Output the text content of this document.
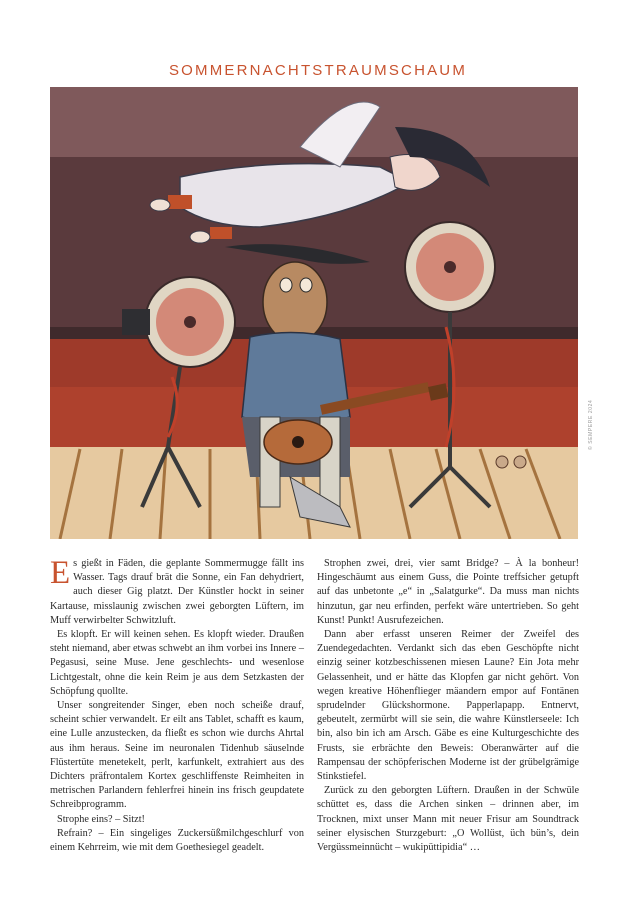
SOMMERNACHTSTRAUMSCHAUM
© SEMPERE 2024

Es gießt in Fäden, die geplante Sommermugge fällt ins Wasser. Tags drauf brät die Sonne, ein Fan dehydriert, auch dieser Gig platzt. Der Künstler hockt in seiner Kartause, misslaunig zwischen zwei geborgten Lüftern, im Muff verwirbelter Schwitzluft.

Es klopft. Er will keinen sehen. Es klopft wieder. Draußen steht niemand, aber etwas schwebt an ihm vorbei ins Innere – Pegasusi, seine Muse. Jene geschlechts- und wesenlose Lichtgestalt, ohne die kein Reim je aus dem Setzkasten der Schöpfung quollte.

Unser songreitender Singer, eben noch scheiße drauf, scheint schier verwandelt. Er eilt ans Tablet, schafft es kaum, eine Lulle anzustecken, da fließt es schon wie durchs Ahrtal aus ihm heraus. Seine im neuronalen Tidenhub säuselnde Flüstertüte menetekelt, perlt, karfunkelt, extrahiert aus des Dichters präfrontalem Kortex geschliffenste Reimheiten in metrischen Parlandern fehlerfrei hinein ins frisch geupdatete Schreibprogramm.

Strophe eins? – Sitzt!

Refrain? – Ein singeliges Zuckersüßmilchgeschlurf von einem Kehrreim, wie mit dem Goethesiegel geadelt.

Strophen zwei, drei, vier samt Bridge? – À la bonheur! Hingeschäumt aus einem Guss, die Pointe treffsicher getupft auf das unbetonte „e“ in „Salatgurke“. Da muss man nichts hinzutun, gar neu erfinden, perfekt wäre untertrieben. So geht Kunst! Punkt! Ausrufezeichen.

Dann aber erfasst unseren Reimer der Zweifel des Zuendegedachten. Verdankt sich das eben Geschöpfte nicht einzig seiner kotzbeschissenen miesen Laune? Ein Jota mehr Gelassenheit, und er hätte das Klopfen gar nicht gehört. Von wegen kreative Höhenflieger mäandern empor auf Fontänen sprudelnder Glückshormone. Papperlapapp. Entnervt, gebeutelt, zermürbt will sie sein, die wahre Künstlerseele: Ich bin, also bin ich am Arsch. Gäbe es eine Kulturgeschichte des Frusts, sie erbrächte den Beweis: Oberanwärter auf die Rampensau der schöpferischen Moderne ist der grübelgrämige Stinkstiefel.

Zurück zu den geborgten Lüftern. Draußen in der Schwüle schüttet es, dass die Archen sinken – drinnen aber, im Trocknen, mixt unser Mann mit neuer Frisur am Soundtrack seiner elysischen Sturzgeburt: „O Wollüst, üch bün’s, dein Vergüssmeinnücht – wukipüttipidia“ …
